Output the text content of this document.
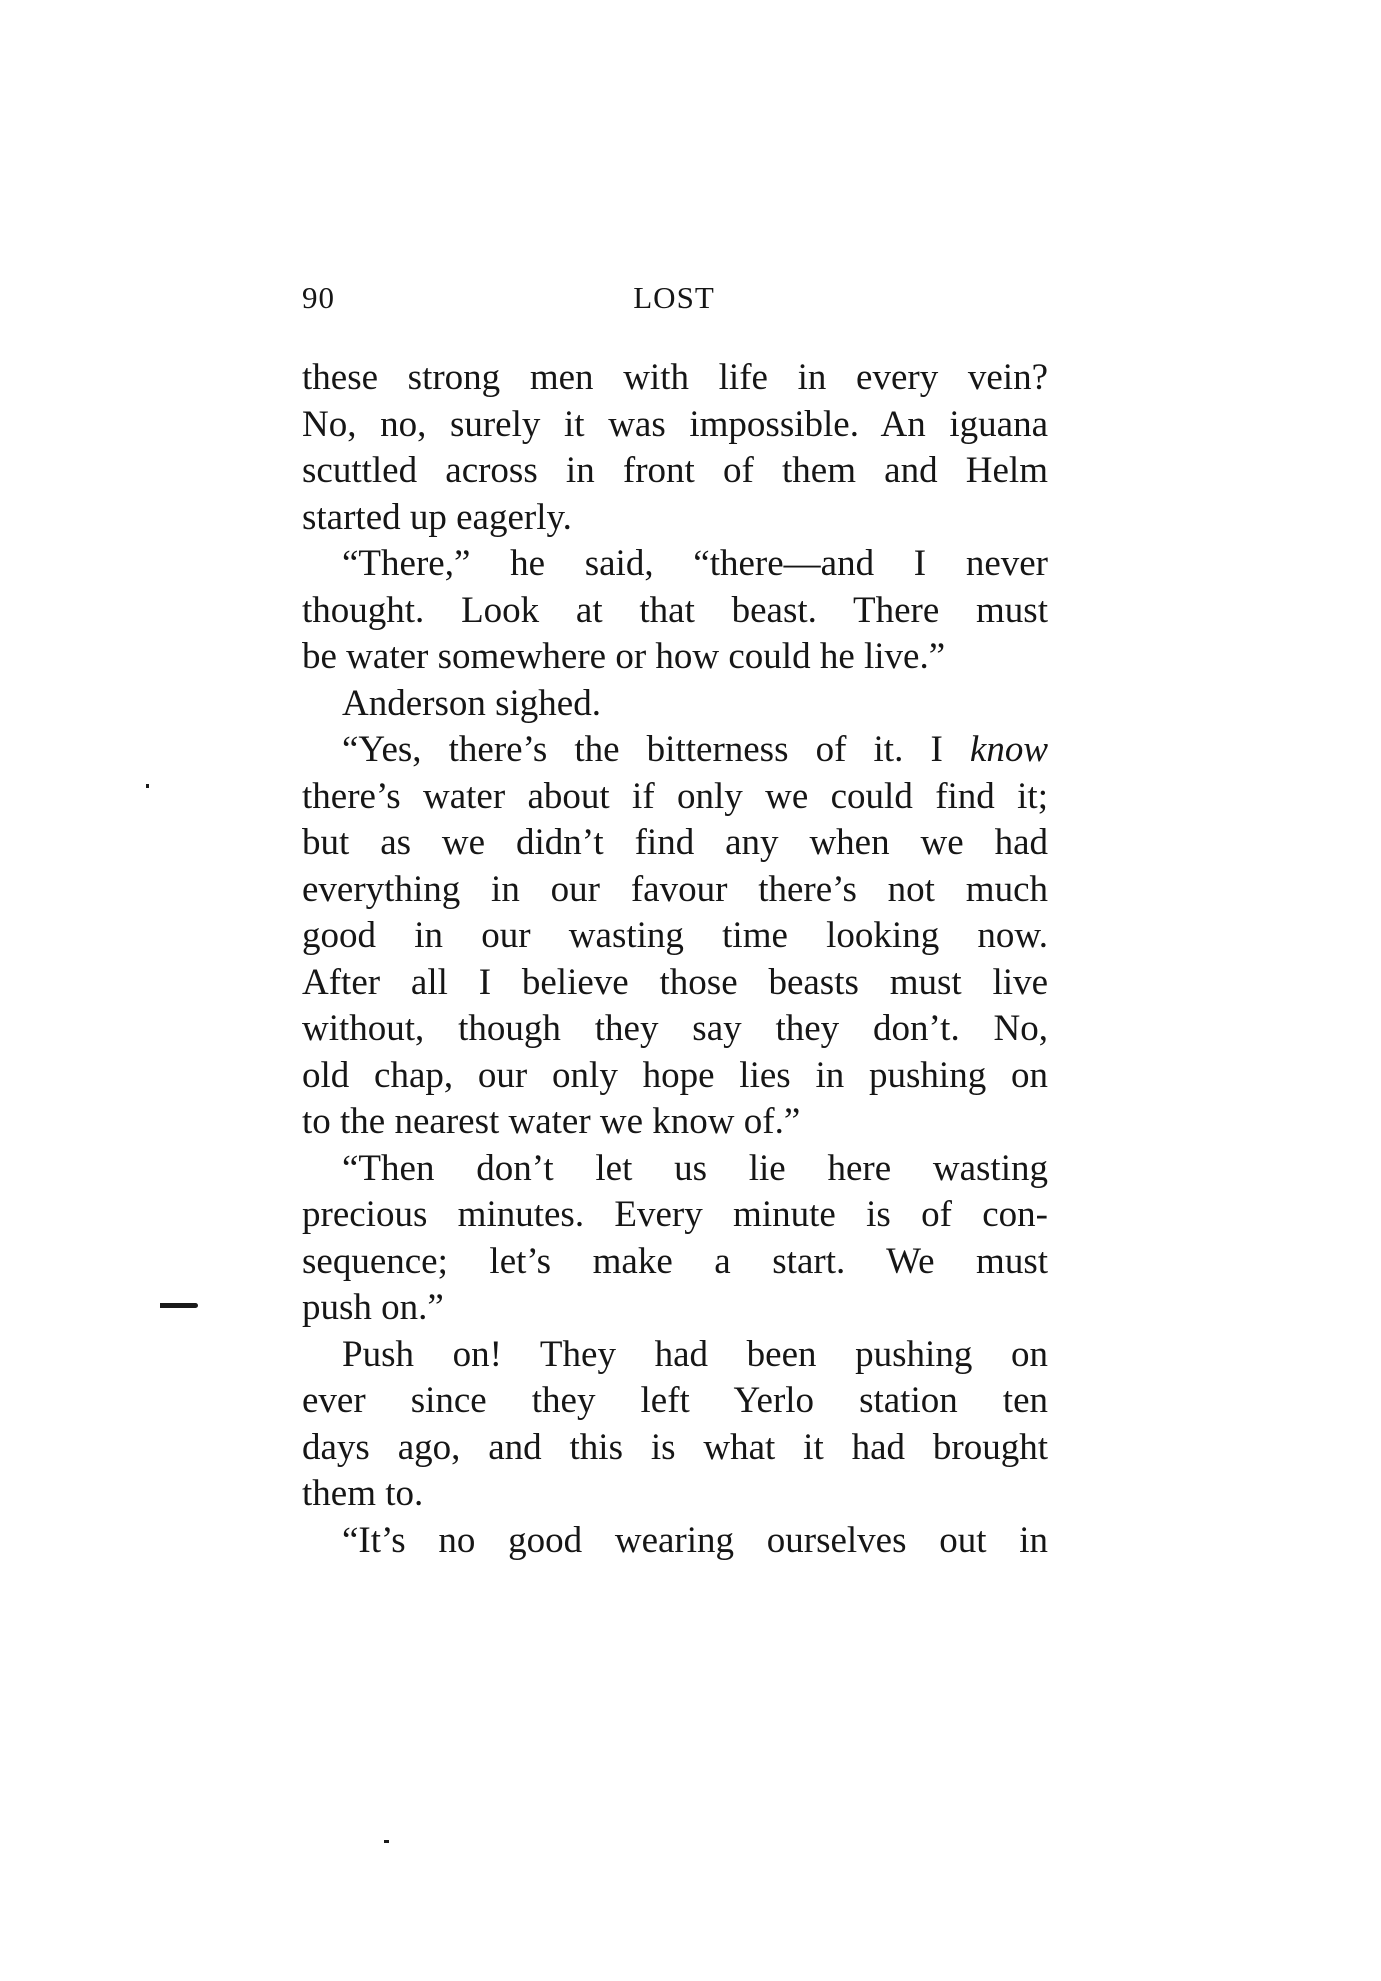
90	LOST
these strong men with life in every vein?
No, no, surely it was impossible. An iguana
scuttled across in front of them and Helm
started up eagerly.
“There,” he said, “there—and I never
thought. Look at that beast. There must
be water somewhere or how could he live.”
Anderson sighed.
“Yes, there’s the bitterness of it. I know
there’s water about if only we could find it;
but as we didn’t find any when we had
everything in our favour there’s not much
good in our wasting time looking now.
After all I believe those beasts must live
without, though they say they don’t. No,
old chap, our only hope lies in pushing on
to the nearest water we know of.”
“Then don’t let us lie here wasting
precious minutes. Every minute is of con-
sequence; let’s make a start. We must
push on.”
Push on! They had been pushing on
ever since they left Yerlo station ten
days ago, and this is what it had brought
them to.
“It’s no good wearing ourselves out in
